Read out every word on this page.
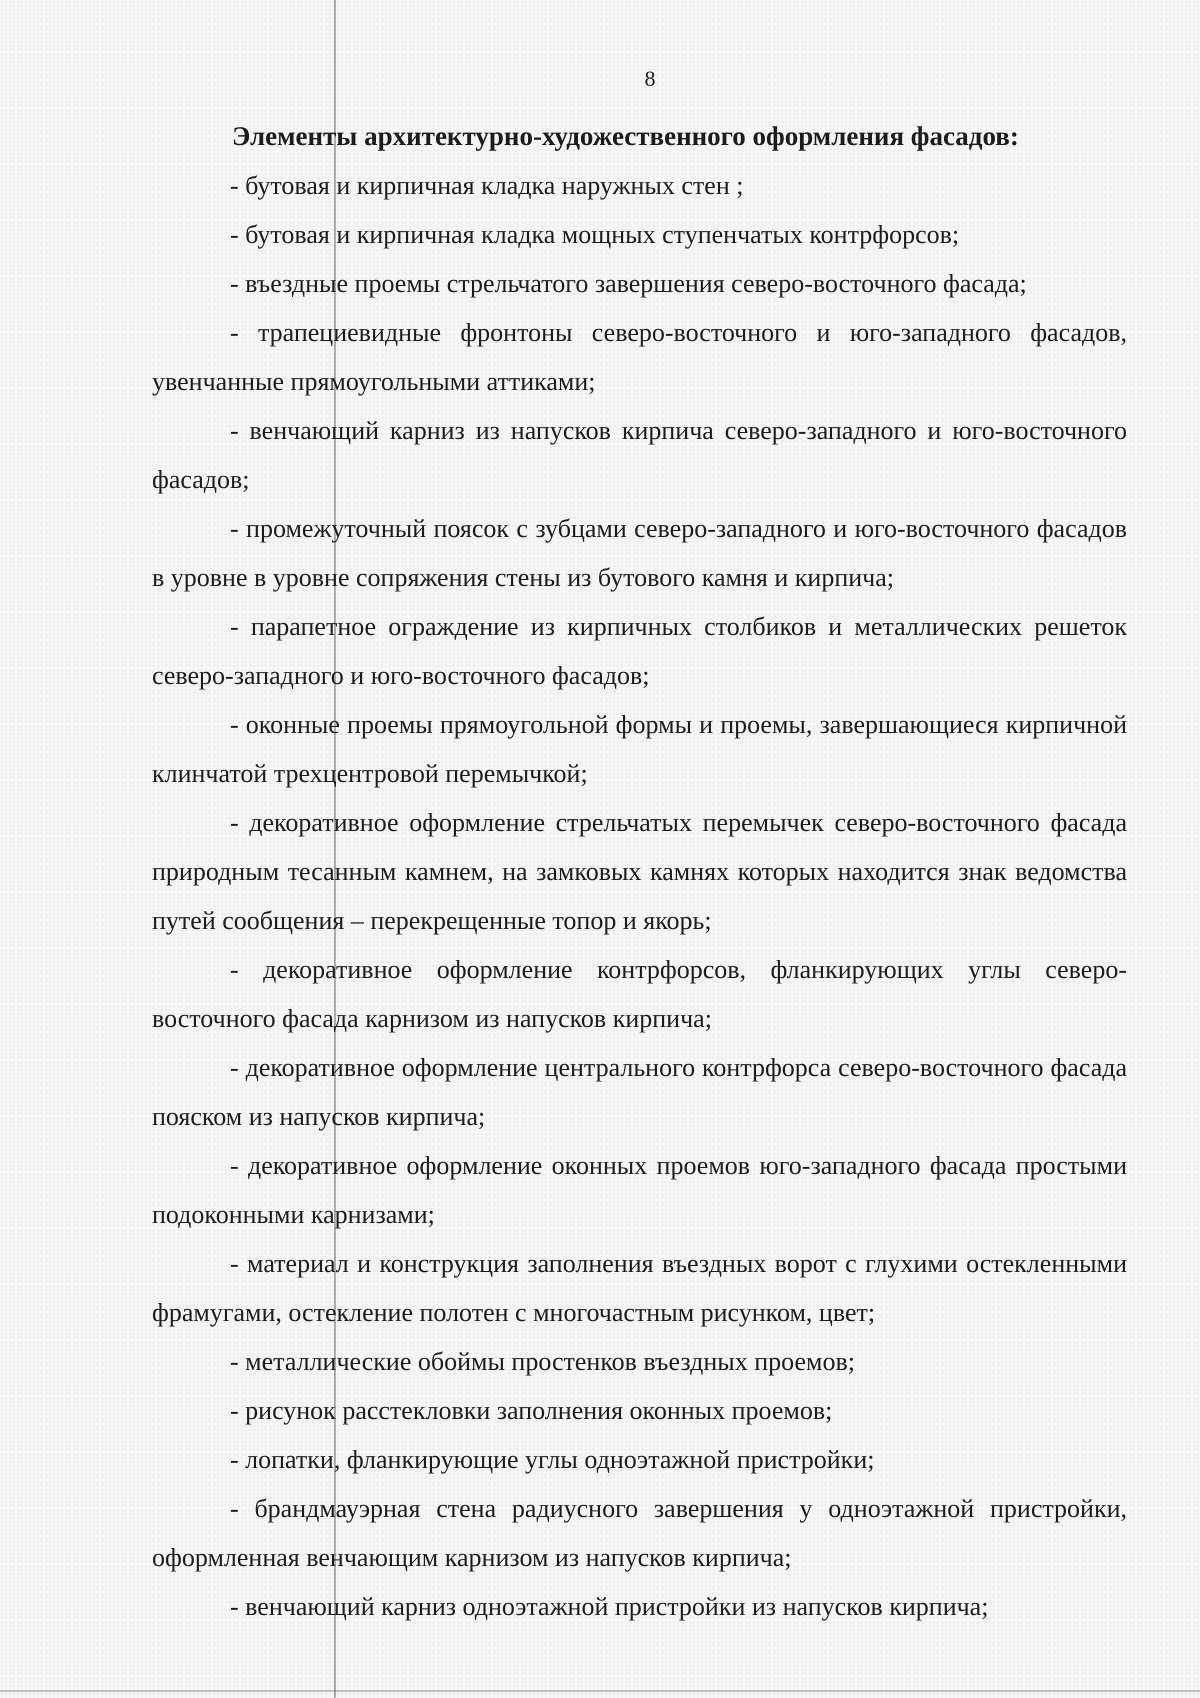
8

Элементы архитектурно-художественного оформления фасадов:

- бутовая и кирпичная кладка наружных стен ;

- бутовая и кирпичная кладка мощных ступенчатых контрфорсов;

- въездные проемы стрельчатого завершения северо-восточного фасада;

- трапециевидные фронтоны северо-восточного и юго-западного фасадов, увенчанные прямоугольными аттиками;

- венчающий карниз из напусков кирпича северо-западного и юго-восточного фасадов;

- промежуточный поясок с зубцами северо-западного и юго-восточного фасадов в уровне в уровне сопряжения стены из бутового камня и кирпича;

- парапетное ограждение из кирпичных столбиков и металлических решеток северо-западного и юго-восточного фасадов;

- оконные проемы прямоугольной формы и проемы, завершающиеся кирпичной клинчатой трехцентровой перемычкой;

- декоративное оформление стрельчатых перемычек северо-восточного фасада природным тесанным камнем, на замковых камнях которых находится знак ведомства путей сообщения – перекрещенные топор и якорь;

- декоративное оформление контрфорсов, фланкирующих углы северо-восточного фасада карнизом из напусков кирпича;

- декоративное оформление центрального контрфорса северо-восточного фасада пояском из напусков кирпича;

- декоративное оформление оконных проемов юго-западного фасада простыми подоконными карнизами;

- материал и конструкция заполнения въездных ворот с глухими остекленными фрамугами, остекление полотен с многочастным рисунком, цвет;

- металлические обоймы простенков въездных проемов;

- рисунок расстекловки заполнения оконных проемов;

- лопатки, фланкирующие углы одноэтажной пристройки;

- брандмауэрная стена радиусного завершения у одноэтажной пристройки, оформленная венчающим карнизом из напусков кирпича;

- венчающий карниз одноэтажной пристройки из напусков кирпича;
